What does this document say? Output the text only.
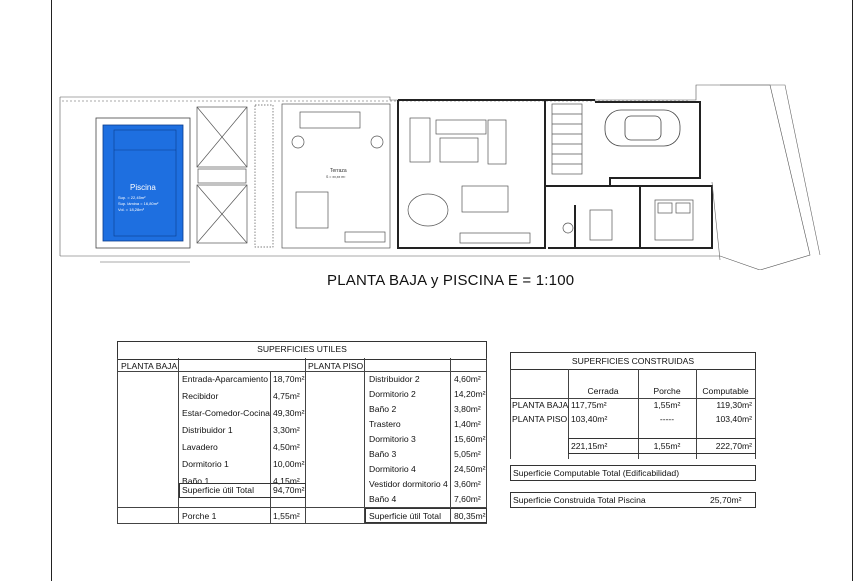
Piscina
Sup. = 22,45m²
Sup. lámina = 16,80m²
Vol. = 18,28m³
Terraza
S = xx,xx m²
PLANTA BAJA y PISCINA E = 1:100
SUPERFICIES UTILES
PLANTA BAJA	PLANTA PISO
Entrada-Aparcamiento 18,70m²
Recibidor	4,75m²
Estar-Comedor-Cocina 49,30m²
Distribuidor 1	3,30m²
Lavadero	4,50m²
Dormitorio 1	10,00m²
Baño 1	4,15m²
Superficie útil Total 94,70m²
Porche 1	1,55m²
Distribuidor 2	4,60m²
Dormitorio 2	14,20m²
Baño 2	3,80m²
Trastero	1,40m²
Dormitorio 3	15,60m²
Baño 3	5,05m²
Dormitorio 4	24,50m²
Vestidor dormitorio 4 3,60m²
Baño 4	7,60m²
Superficie útil Total 80,35m²
SUPERFICIES CONSTRUIDAS
Cerrada	Porche	Computable
PLANTA BAJA 117,75m²	1,55m²	119,30m²
PLANTA PISO 103,40m²	-----	103,40m²
221,15m²	1,55m²	222,70m²
Superficie Computable Total (Edificabilidad)
Superficie Construida Total Piscina	25,70m²
